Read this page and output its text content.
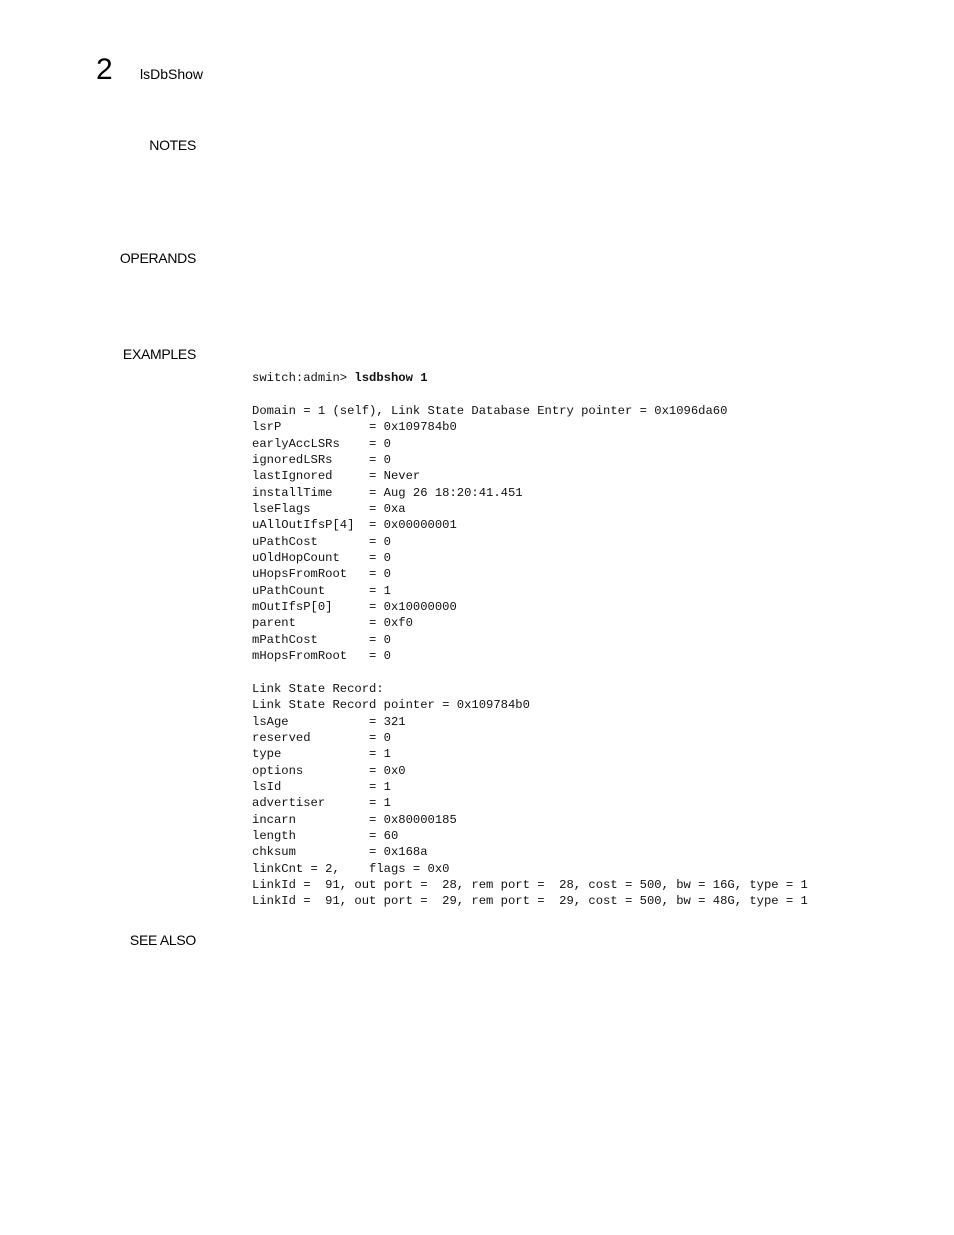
2 lsDbShow
NOTES
OPERANDS
EXAMPLES
SEE ALSO
switch:admin> lsdbshow 1
Domain = 1 (self), Link State Database Entry pointer = 0x1096da60
lsrP            = 0x109784b0
earlyAccLSRs    = 0
ignoredLSRs     = 0
lastIgnored     = Never
installTime     = Aug 26 18:20:41.451
lseFlags        = 0xa
uAllOutIfsP[4]  = 0x00000001
uPathCost       = 0
uOldHopCount    = 0
uHopsFromRoot   = 0
uPathCount      = 1
mOutIfsP[0]     = 0x10000000
parent          = 0xf0
mPathCost       = 0
mHopsFromRoot   = 0
Link State Record:
Link State Record pointer = 0x109784b0
lsAge           = 321
reserved        = 0
type            = 1
options         = 0x0
lsId            = 1
advertiser      = 1
incarn          = 0x80000185
length          = 60
chksum          = 0x168a
linkCnt = 2,    flags = 0x0
LinkId =  91, out port =  28, rem port =  28, cost = 500, bw = 16G, type = 1
LinkId =  91, out port =  29, rem port =  29, cost = 500, bw = 48G, type = 1
